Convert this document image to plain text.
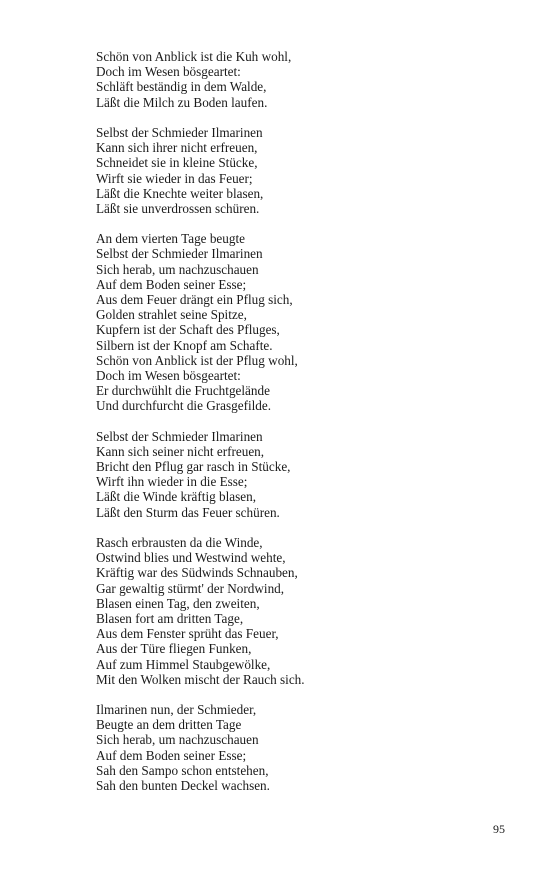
Schön von Anblick ist die Kuh wohl,
Doch im Wesen bösgeartet:
Schläft beständig in dem Walde,
Läßt die Milch zu Boden laufen.
Selbst der Schmieder Ilmarinen
Kann sich ihrer nicht erfreuen,
Schneidet sie in kleine Stücke,
Wirft sie wieder in das Feuer;
Läßt die Knechte weiter blasen,
Läßt sie unverdrossen schüren.
An dem vierten Tage beugte
Selbst der Schmieder Ilmarinen
Sich herab, um nachzuschauen
Auf dem Boden seiner Esse;
Aus dem Feuer drängt ein Pflug sich,
Golden strahlet seine Spitze,
Kupfern ist der Schaft des Pfluges,
Silbern ist der Knopf am Schafte.
Schön von Anblick ist der Pflug wohl,
Doch im Wesen bösgeartet:
Er durchwühlt die Fruchtgelände
Und durchfurcht die Grasgefilde.
Selbst der Schmieder Ilmarinen
Kann sich seiner nicht erfreuen,
Bricht den Pflug gar rasch in Stücke,
Wirft ihn wieder in die Esse;
Läßt die Winde kräftig blasen,
Läßt den Sturm das Feuer schüren.
Rasch erbrausten da die Winde,
Ostwind blies und Westwind wehte,
Kräftig war des Südwinds Schnauben,
Gar gewaltig stürmt' der Nordwind,
Blasen einen Tag, den zweiten,
Blasen fort am dritten Tage,
Aus dem Fenster sprüht das Feuer,
Aus der Türe fliegen Funken,
Auf zum Himmel Staubgewölke,
Mit den Wolken mischt der Rauch sich.
Ilmarinen nun, der Schmieder,
Beugte an dem dritten Tage
Sich herab, um nachzuschauen
Auf dem Boden seiner Esse;
Sah den Sampo schon entstehen,
Sah den bunten Deckel wachsen.
95
